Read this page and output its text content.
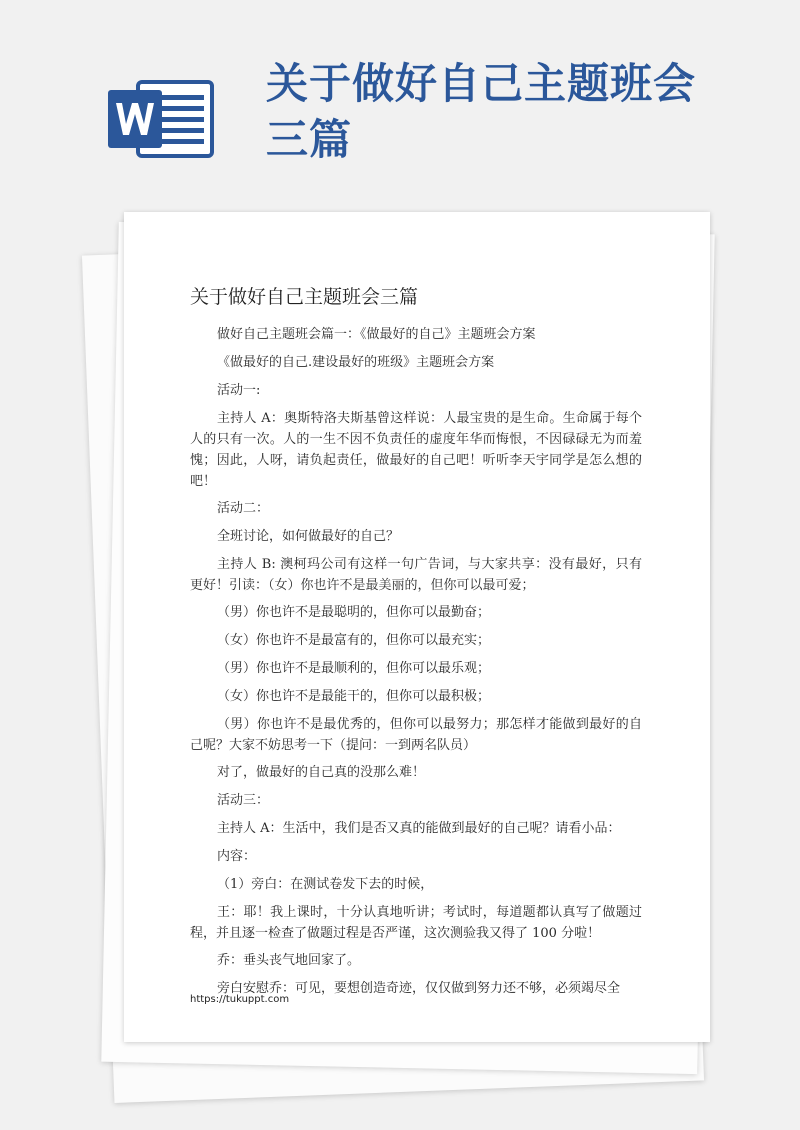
关于做好自己主题班会三篇
关于做好自己主题班会三篇

做好自己主题班会篇一：《做最好的自己》主题班会方案

《做最好的自己.建设最好的班级》主题班会方案

活动一:

主持人 A：奥斯特洛夫斯基曾这样说：人最宝贵的是生命。生命属于每个人的只有一次。人的一生不因不负责任的虚度年华而悔恨，不因碌碌无为而羞愧；因此，人呀，请负起责任，做最好的自己吧！听听李天宇同学是怎么想的吧！

活动二：

全班讨论，如何做最好的自己？

主持人 B: 澳柯玛公司有这样一句广告词，与大家共享：没有最好，只有更好！引读：（女）你也许不是最美丽的，但你可以最可爱；

（男）你也许不是最聪明的，但你可以最勤奋；

（女）你也许不是最富有的，但你可以最充实；

（男）你也许不是最顺利的，但你可以最乐观；

（女）你也许不是最能干的，但你可以最积极；

（男）你也许不是最优秀的，但你可以最努力；那怎样才能做到最好的自己呢？大家不妨思考一下（提问：一到两名队员）

对了，做最好的自己真的没那么难！

活动三：

主持人 A：生活中，我们是否又真的能做到最好的自己呢？请看小品：

内容：

（1）旁白：在测试卷发下去的时候，

王：耶！我上课时，十分认真地听讲；考试时，每道题都认真写了做题过程，并且逐一检查了做题过程是否严谨，这次测验我又得了 100 分啦！

乔：垂头丧气地回家了。

旁白安慰乔：可见，要想创造奇迹，仅仅做到努力还不够，必须竭尽全

https://tukuppt.com
